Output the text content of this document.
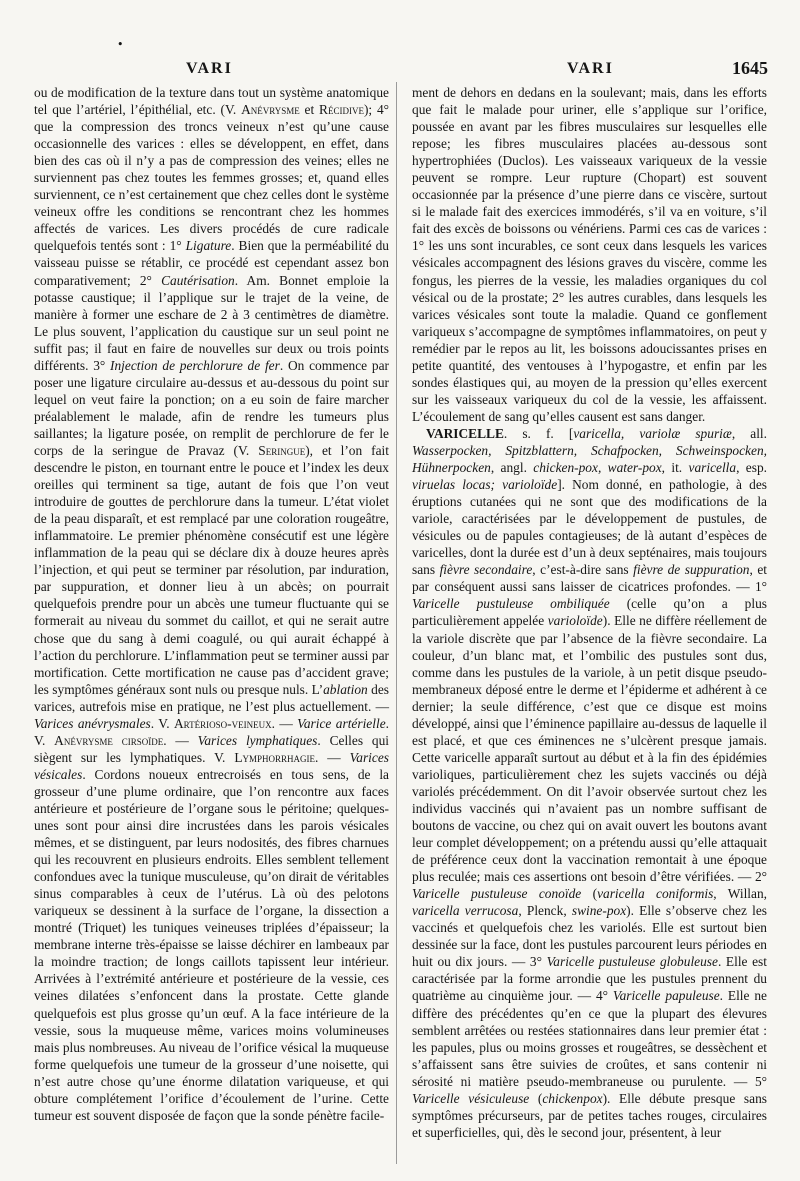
•
VARI	VARI	1645

ou de modification de la texture dans tout un système anatomique tel que l’artériel, l’épithélial, etc. (V. Anévrysme et Récidive); 4° que la compression des troncs veineux n’est qu’une cause occasionnelle des varices : elles se développent, en effet, dans bien des cas où il n’y a pas de compression des veines; elles ne surviennent pas chez toutes les femmes grosses; et, quand elles surviennent, ce n’est certainement que chez celles dont le système veineux offre les conditions se rencontrant chez les hommes affectés de varices. Les divers procédés de cure radicale quelquefois tentés sont : 1° Ligature. Bien que la perméabilité du vaisseau puisse se rétablir, ce procédé est cependant assez bon comparativement; 2° Cautérisation. Am. Bonnet emploie la potasse caustique; il l’applique sur le trajet de la veine, de manière à former une eschare de 2 à 3 centimètres de diamètre. Le plus souvent, l’application du caustique sur un seul point ne suffit pas; il faut en faire de nouvelles sur deux ou trois points différents. 3° Injection de perchlorure de fer. On commence par poser une ligature circulaire au-dessus et au-dessous du point sur lequel on veut faire la ponction; on a eu soin de faire marcher préalablement le malade, afin de rendre les tumeurs plus saillantes; la ligature posée, on remplit de perchlorure de fer le corps de la seringue de Pravaz (V. Seringue), et l’on fait descendre le piston, en tournant entre le pouce et l’index les deux oreilles qui terminent sa tige, autant de fois que l’on veut introduire de gouttes de perchlorure dans la tumeur. L’état violet de la peau disparaît, et est remplacé par une coloration rougeâtre, inflammatoire. Le premier phénomène consécutif est une légère inflammation de la peau qui se déclare dix à douze heures après l’injection, et qui peut se terminer par résolution, par induration, par suppuration, et donner lieu à un abcès; on pourrait quelquefois prendre pour un abcès une tumeur fluctuante qui se formerait au niveau du sommet du caillot, et qui ne serait autre chose que du sang à demi coagulé, ou qui aurait échappé à l’action du perchlorure. L’inflammation peut se terminer aussi par mortification. Cette mortification ne cause pas d’accident grave; les symptômes généraux sont nuls ou presque nuls. L’ablation des varices, autrefois mise en pratique, ne l’est plus actuellement. — Varices anévrysmales. V. Artérioso-veineux. — Varice artérielle. V. Anévrysme cirsoïde. — Varices lymphatiques. Celles qui siègent sur les lymphatiques. V. Lymphorrhagie. — Varices vésicales. Cordons noueux entrecroisés en tous sens, de la grosseur d’une plume ordinaire, que l’on rencontre aux faces antérieure et postérieure de l’organe sous le péritoine; quelques-unes sont pour ainsi dire incrustées dans les parois vésicales mêmes, et se distinguent, par leurs nodosités, des fibres charnues qui les recouvrent en plusieurs endroits. Elles semblent tellement confondues avec la tunique musculeuse, qu’on dirait de véritables sinus comparables à ceux de l’utérus. Là où des pelotons variqueux se dessinent à la surface de l’organe, la dissection a montré (Triquet) les tuniques veineuses triplées d’épaisseur; la membrane interne très-épaisse se laisse déchirer en lambeaux par la moindre traction; de longs caillots tapissent leur intérieur. Arrivées à l’extrémité antérieure et postérieure de la vessie, ces veines dilatées s’enfoncent dans la prostate. Cette glande quelquefois est plus grosse qu’un œuf. A la face intérieure de la vessie, sous la muqueuse même, varices moins volumineuses mais plus nombreuses. Au niveau de l’orifice vésical la muqueuse forme quelquefois une tumeur de la grosseur d’une noisette, qui n’est autre chose qu’une énorme dilatation variqueuse, et qui obture complétement l’orifice d’écoulement de l’urine. Cette tumeur est souvent disposée de façon que la sonde pénètre facile-

ment de dehors en dedans en la soulevant; mais, dans les efforts que fait le malade pour uriner, elle s’applique sur l’orifice, poussée en avant par les fibres musculaires sur lesquelles elle repose; les fibres musculaires placées au-dessous sont hypertrophiées (Duclos). Les vaisseaux variqueux de la vessie peuvent se rompre. Leur rupture (Chopart) est souvent occasionnée par la présence d’une pierre dans ce viscère, surtout si le malade fait des exercices immodérés, s’il va en voiture, s’il fait des excès de boissons ou vénériens. Parmi ces cas de varices : 1° les uns sont incurables, ce sont ceux dans lesquels les varices vésicales accompagnent des lésions graves du viscère, comme les fongus, les pierres de la vessie, les maladies organiques du col vésical ou de la prostate; 2° les autres curables, dans lesquels les varices vésicales sont toute la maladie. Quand ce gonflement variqueux s’accompagne de symptômes inflammatoires, on peut y remédier par le repos au lit, les boissons adoucissantes prises en petite quantité, des ventouses à l’hypogastre, et enfin par les sondes élastiques qui, au moyen de la pression qu’elles exercent sur les vaisseaux variqueux du col de la vessie, les affaissent. L’écoulement de sang qu’elles causent est sans danger.

VARICELLE. s. f. [varicella, variolæ spuriæ, all. Wasserpocken, Spitzblattern, Schafpocken, Schweinspocken, Hühnerpocken, angl. chicken-pox, water-pox, it. varicella, esp. viruelas locas; varioloïde]. Nom donné, en pathologie, à des éruptions cutanées qui ne sont que des modifications de la variole, caractérisées par le développement de pustules, de vésicules ou de papules contagieuses; de là autant d’espèces de varicelles, dont la durée est d’un à deux septénaires, mais toujours sans fièvre secondaire, c’est-à-dire sans fièvre de suppuration, et par conséquent aussi sans laisser de cicatrices profondes. — 1° Varicelle pustuleuse ombiliquée (celle qu’on a plus particulièrement appelée varioloïde). Elle ne diffère réellement de la variole discrète que par l’absence de la fièvre secondaire. La couleur, d’un blanc mat, et l’ombilic des pustules sont dus, comme dans les pustules de la variole, à un petit disque pseudo-membraneux déposé entre le derme et l’épiderme et adhérent à ce dernier; la seule différence, c’est que ce disque est moins développé, ainsi que l’éminence papillaire au-dessus de laquelle il est placé, et que ces éminences ne s’ulcèrent presque jamais. Cette varicelle apparaît surtout au début et à la fin des épidémies varioliques, particulièrement chez les sujets vaccinés ou déjà variolés précédemment. On dit l’avoir observée surtout chez les individus vaccinés qui n’avaient pas un nombre suffisant de boutons de vaccine, ou chez qui on avait ouvert les boutons avant leur complet développement; on a prétendu aussi qu’elle attaquait de préférence ceux dont la vaccination remontait à une époque plus reculée; mais ces assertions ont besoin d’être vérifiées. — 2° Varicelle pustuleuse conoïde (varicella coniformis, Willan, varicella verrucosa, Plenck, swine-pox). Elle s’observe chez les vaccinés et quelquefois chez les variolés. Elle est surtout bien dessinée sur la face, dont les pustules parcourent leurs périodes en huit ou dix jours. — 3° Varicelle pustuleuse globuleuse. Elle est caractérisée par la forme arrondie que les pustules prennent du quatrième au cinquième jour. — 4° Varicelle papuleuse. Elle ne diffère des précédentes qu’en ce que la plupart des élevures semblent arrêtées ou restées stationnaires dans leur premier état : les papules, plus ou moins grosses et rougeâtres, se dessèchent et s’affaissent sans être suivies de croûtes, et sans contenir ni sérosité ni matière pseudo-membraneuse ou purulente. — 5° Varicelle vésiculeuse (chickenpox). Elle débute presque sans symptômes précurseurs, par de petites taches rouges, circulaires et superficielles, qui, dès le second jour, présentent, à leur
